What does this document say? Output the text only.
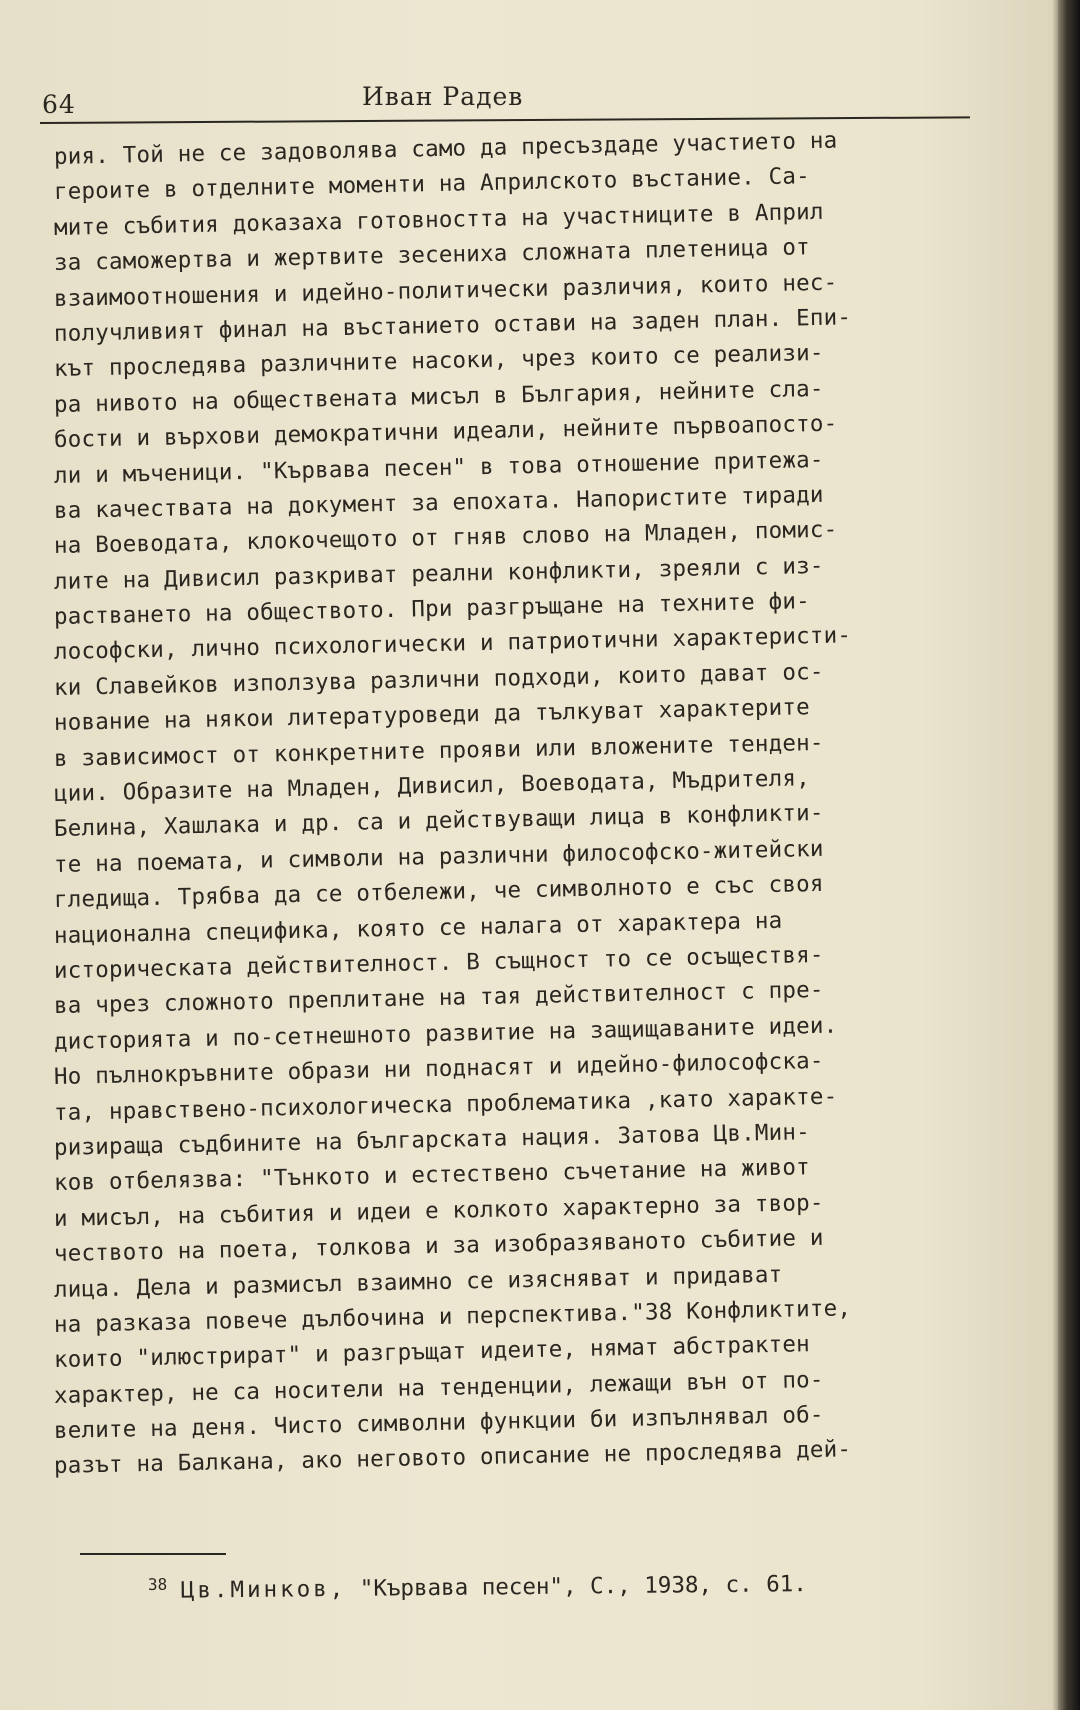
64	Иван Радев
рия. Той не се задоволява само да пресъздаде участието на
героите в отделните моменти на Априлското въстание. Са-
мите събития доказаха готовността на участниците в Април
за саможертва и жертвите зесениха сложната плетеница от
взаимоотношения и идейно-политически различия, които нес-
получливият финал на въстанието остави на заден план. Епи-
кът проследява различните насоки, чрез които се реализи-
ра нивото на обществената мисъл в България, нейните сла-
бости и върхови демократични идеали, нейните първоапосто-
ли и мъченици. "Кървава песен" в това отношение притежа-
ва качествата на документ за епохата. Напористите тиради
на Воеводата, клокочещото от гняв слово на Младен, помис-
лите на Дивисил разкриват реални конфликти, зреяли с из-
растването на обществото. При разгръщане на техните фи-
лософски, лично психологически и патриотични характеристи-
ки Славейков използува различни подходи, които дават ос-
нование на някои литературоведи да тълкуват характерите
в зависимост от конкретните прояви или вложените тенден-
ции. Образите на Младен, Дивисил, Воеводата, Мъдрителя,
Белина, Хашлака и др. са и действуващи лица в конфликти-
те на поемата, и символи на различни философско-житейски
гледища. Трябва да се отбележи, че символното е със своя
национална специфика, която се налага от характера на
историческата действителност. В същност то се осъществя-
ва чрез сложното преплитане на тая действителност с пре-
дисторията и по-сетнешното развитие на защищаваните идеи.
Но пълнокръвните образи ни поднасят и идейно-философска-
та, нравствено-психологическа проблематика ,като характе-
ризираща съдбините на българската нация. Затова Цв.Мин-
ков отбелязва: "Тънкото и естествено съчетание на живот
и мисъл, на събития и идеи е колкото характерно за твор-
чеството на поета, толкова и за изобразяваното събитие и
лица. Дела и размисъл взаимно се изясняват и придават
на разказа повече дълбочина и перспектива."38 Конфликтите,
които "илюстрират" и разгръщат идеите, нямат абстрактен
характер, не са носители на тенденции, лежащи вън от по-
велите на деня. Чисто символни функции би изпълнявал об-
разът на Балкана, ако неговото описание не проследява дей-
$^{38}$ Цв.Минков, "Кървава песен", С., 1938, с. 61.
